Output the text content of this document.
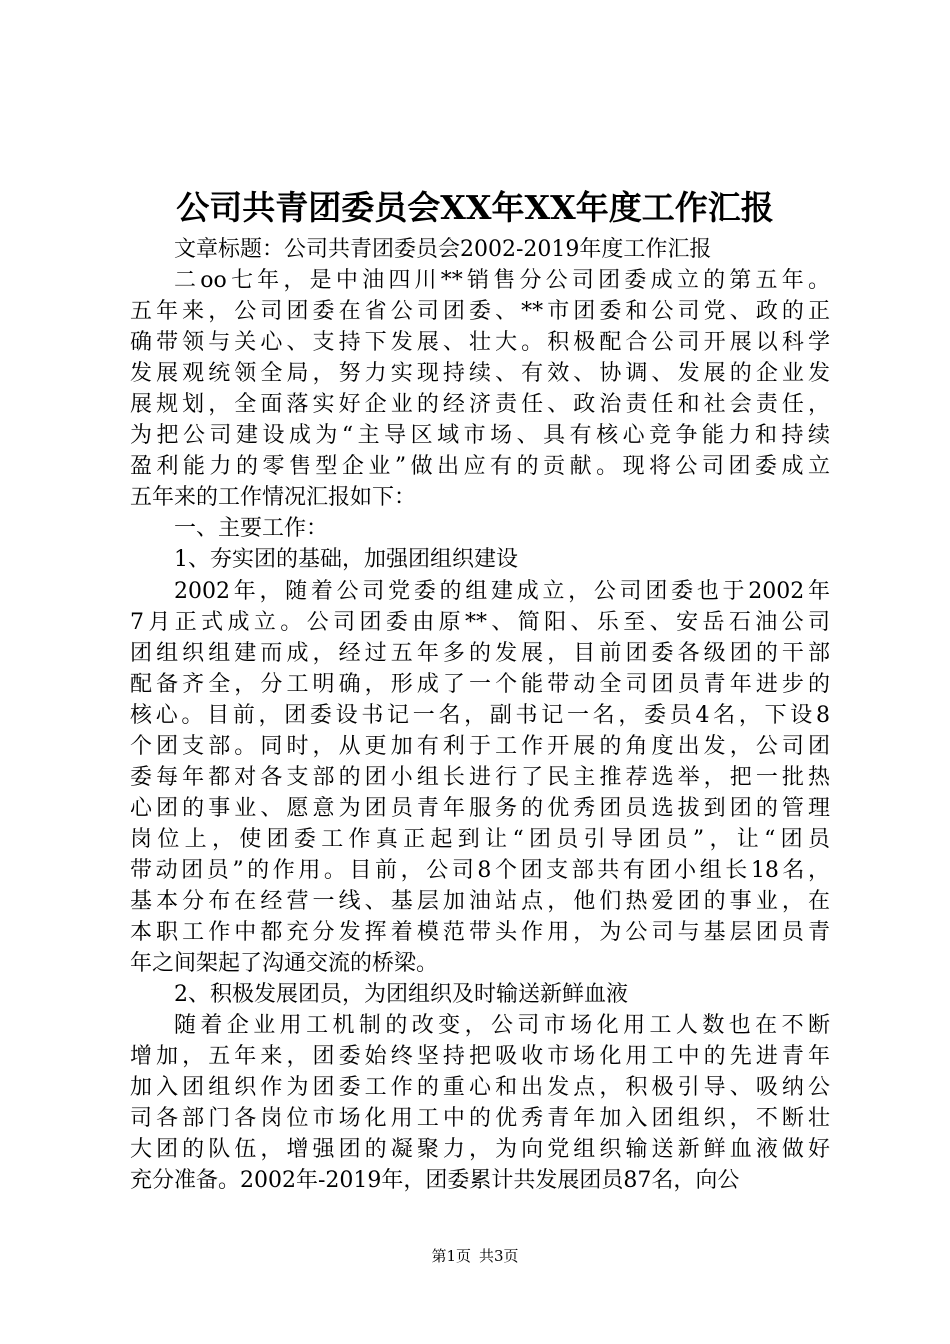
公司共青团委员会XX年XX年度工作汇报
文章标题：公司共青团委员会2002-2019年度工作汇报
二oo七年，是中油四川**销售分公司团委成立的第五年。
五年来，公司团委在省公司团委、**市团委和公司党、政的正
确带领与关心、支持下发展、壮大。积极配合公司开展以科学
发展观统领全局，努力实现持续、有效、协调、发展的企业发
展规划，全面落实好企业的经济责任、政治责任和社会责任，
为把公司建设成为“主导区域市场、具有核心竞争能力和持续
盈利能力的零售型企业”做出应有的贡献。现将公司团委成立
五年来的工作情况汇报如下：
一、主要工作：
1、夯实团的基础，加强团组织建设
2002年，随着公司党委的组建成立，公司团委也于2002年
7月正式成立。公司团委由原**、简阳、乐至、安岳石油公司
团组织组建而成，经过五年多的发展，目前团委各级团的干部
配备齐全，分工明确，形成了一个能带动全司团员青年进步的
核心。目前，团委设书记一名，副书记一名，委员4名，下设8
个团支部。同时，从更加有利于工作开展的角度出发，公司团
委每年都对各支部的团小组长进行了民主推荐选举，把一批热
心团的事业、愿意为团员青年服务的优秀团员选拔到团的管理
岗位上，使团委工作真正起到让“团员引导团员”，让“团员
带动团员”的作用。目前，公司8个团支部共有团小组长18名，
基本分布在经营一线、基层加油站点，他们热爱团的事业，在
本职工作中都充分发挥着模范带头作用，为公司与基层团员青
年之间架起了沟通交流的桥梁。
2、积极发展团员，为团组织及时输送新鲜血液
随着企业用工机制的改变，公司市场化用工人数也在不断
增加，五年来，团委始终坚持把吸收市场化用工中的先进青年
加入团组织作为团委工作的重心和出发点，积极引导、吸纳公
司各部门各岗位市场化用工中的优秀青年加入团组织，不断壮
大团的队伍，增强团的凝聚力，为向党组织输送新鲜血液做好
充分准备。2002年-2019年，团委累计共发展团员87名，向公
第1页 共3页
